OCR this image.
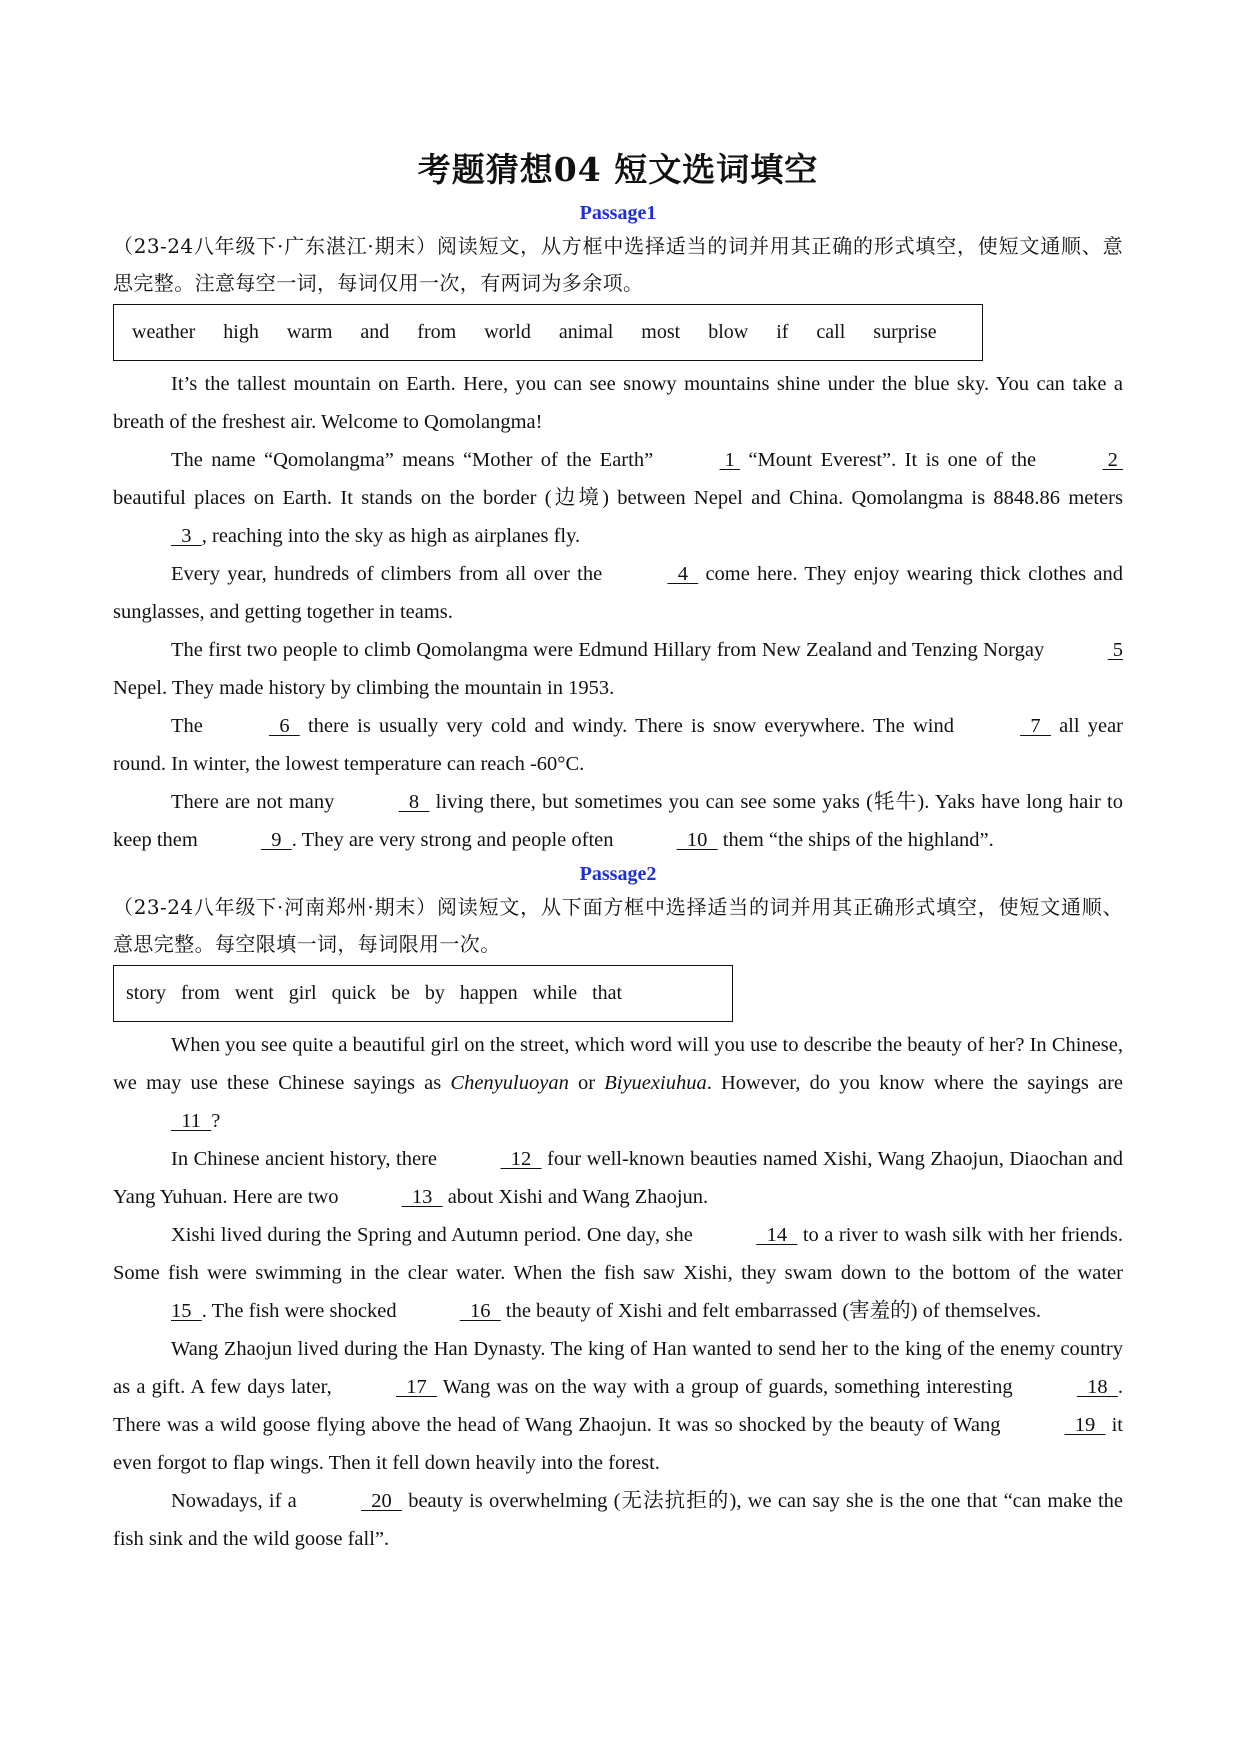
考题猜想04 短文选词填空
Passage1

（23-24八年级下·广东湛江·期末）阅读短文，从方框中选择适当的词并用其正确的形式填空，使短文通顺、意思完整。注意每空一词，每词仅用一次，有两词为多余项。

weather high warm and from world animal most blow if call surprise

It’s the tallest mountain on Earth. Here, you can see snowy mountains shine under the blue sky. You can take a breath of the freshest air. Welcome to Qomolangma!

The name “Qomolangma” means “Mother of the Earth”	1  “Mount Everest”. It is one of the	2  beautiful places on Earth. It stands on the border (边境) between Nepel and China. Qomolangma is 8848.86 meters   3  , reaching into the sky as high as airplanes fly.

Every year, hundreds of climbers from all over the	4   come here. They enjoy wearing thick clothes and sunglasses, and getting together in teams.

The first two people to climb Qomolangma were Edmund Hillary from New Zealand and Tenzing Norgay	5 Nepel. They made history by climbing the mountain in 1953.

The	6   there is usually very cold and windy. There is snow everywhere. The wind	7   all year round. In winter, the lowest temperature can reach -60°C.

There are not many	8   living there, but sometimes you can see some yaks (牦牛). Yaks have long hair to keep them	9  . They are very strong and people often	10   them “the ships of the highland”.

Passage2

（23-24八年级下·河南郑州·期末）阅读短文，从下面方框中选择适当的词并用其正确形式填空，使短文通顺、意思完整。每空限填一词，每词限用一次。

story from went girl quick be by happen while that

When you see quite a beautiful girl on the street, which word will you use to describe the beauty of her? In Chinese, we may use these Chinese sayings as Chenyuluoyan or Biyuexiuhua. However, do you know where the sayings are   11  ?

In Chinese ancient history, there	12   four well-known beauties named Xishi, Wang Zhaojun, Diaochan and Yang Yuhuan. Here are two	13   about Xishi and Wang Zhaojun.

Xishi lived during the Spring and Autumn period. One day, she	14   to a river to wash silk with her friends. Some fish were swimming in the clear water. When the fish saw Xishi, they swam down to the bottom of the water 15  . The fish were shocked	16   the beauty of Xishi and felt embarrassed (害羞的) of themselves.

Wang Zhaojun lived during the Han Dynasty. The king of Han wanted to send her to the king of the enemy country as a gift. A few days later,	17   Wang was on the way with a group of guards, something interesting	18  . There was a wild goose flying above the head of Wang Zhaojun. It was so shocked by the beauty of Wang	19   it even forgot to flap wings. Then it fell down heavily into the forest.

Nowadays, if a	20   beauty is overwhelming (无法抗拒的), we can say she is the one that “can make the fish sink and the wild goose fall”.
